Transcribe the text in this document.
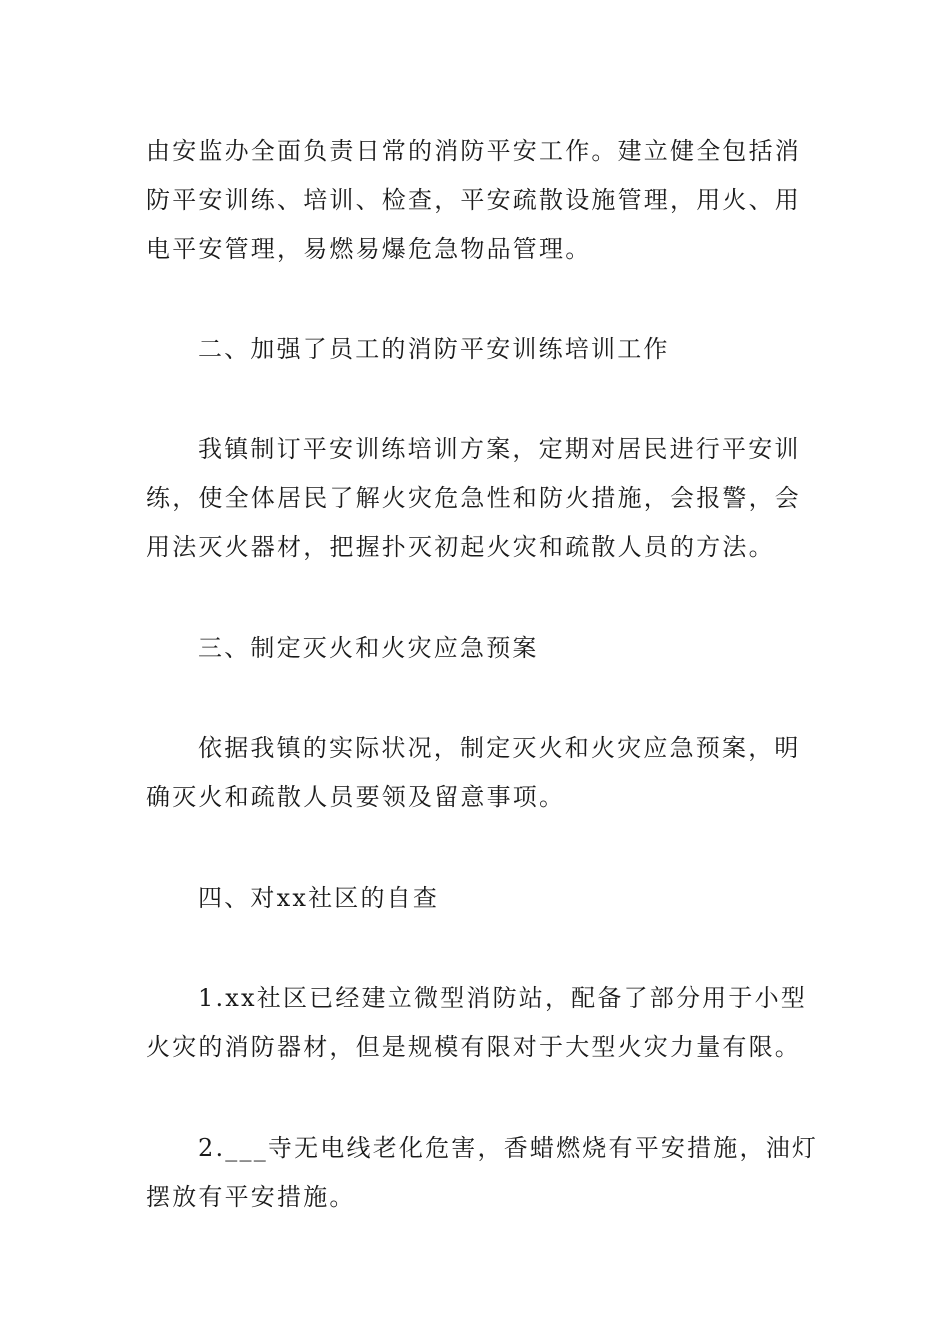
由安监办全面负责日常的消防平安工作。建立健全包括消
防平安训练、培训、检查，平安疏散设施管理，用火、用
电平安管理，易燃易爆危急物品管理。

二、加强了员工的消防平安训练培训工作

我镇制订平安训练培训方案，定期对居民进行平安训
练，使全体居民了解火灾危急性和防火措施，会报警，会
用法灭火器材，把握扑灭初起火灾和疏散人员的方法。

三、制定灭火和火灾应急预案

依据我镇的实际状况，制定灭火和火灾应急预案，明
确灭火和疏散人员要领及留意事项。

四、对xx社区的自查

1.xx社区已经建立微型消防站，配备了部分用于小型
火灾的消防器材，但是规模有限对于大型火灾力量有限。

2.___寺无电线老化危害，香蜡燃烧有平安措施，油灯
摆放有平安措施。
